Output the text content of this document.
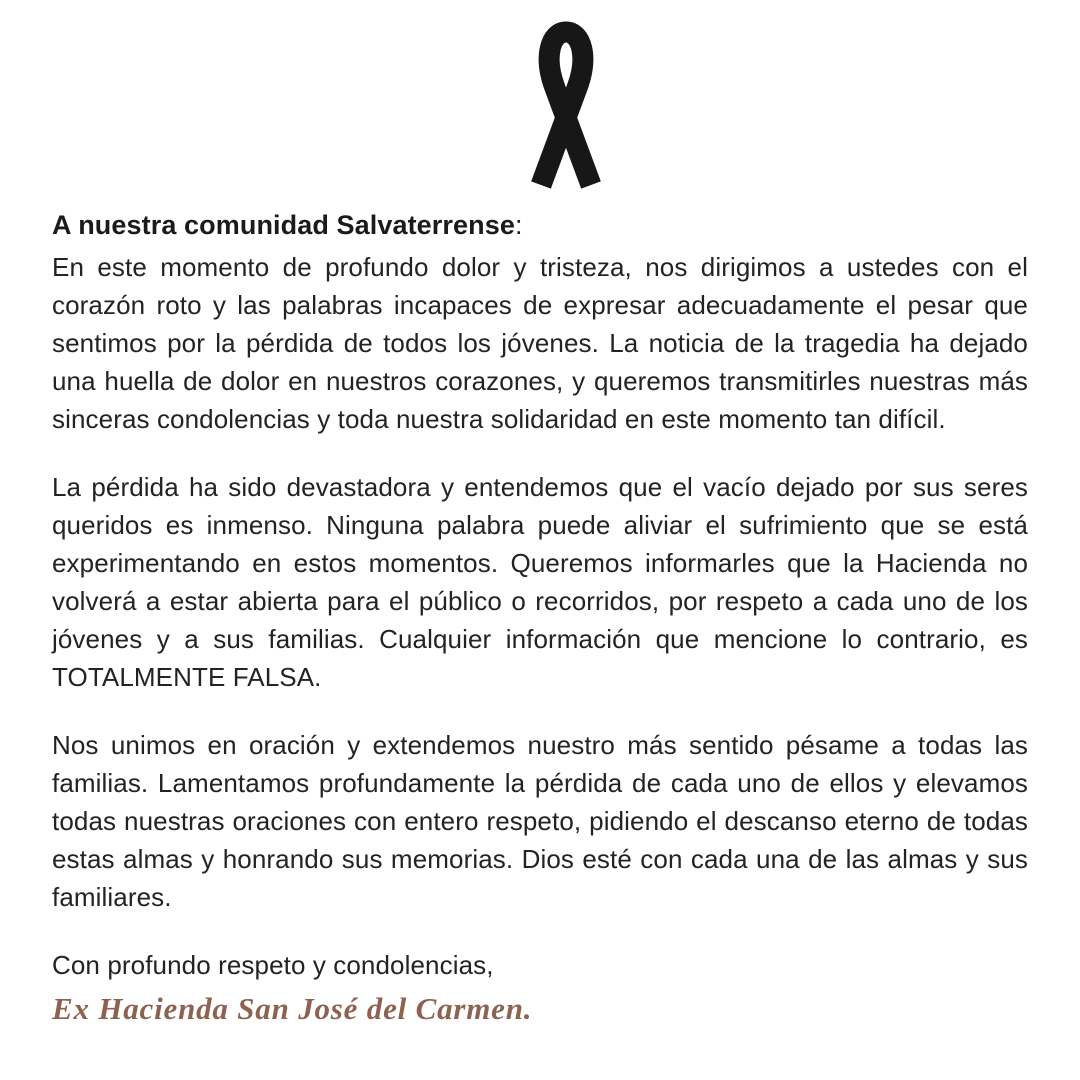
A nuestra comunidad Salvaterrense:

En este momento de profundo dolor y tristeza, nos dirigimos a ustedes con el corazón roto y las palabras incapaces de expresar adecuadamente el pesar que sentimos por la pérdida de todos los jóvenes. La noticia de la tragedia ha dejado una huella de dolor en nuestros corazones, y queremos transmitirles nuestras más sinceras condolencias y toda nuestra solidaridad en este momento tan difícil.

La pérdida ha sido devastadora y entendemos que el vacío dejado por sus seres queridos es inmenso. Ninguna palabra puede aliviar el sufrimiento que se está experimentando en estos momentos. Queremos informarles que la Hacienda no volverá a estar abierta para el público o recorridos, por respeto a cada uno de los jóvenes y a sus familias. Cualquier información que mencione lo contrario, es TOTALMENTE FALSA.

Nos unimos en oración y extendemos nuestro más sentido pésame a todas las familias. Lamentamos profundamente la pérdida de cada uno de ellos y elevamos todas nuestras oraciones con entero respeto, pidiendo el descanso eterno de todas estas almas y honrando sus memorias. Dios esté con cada una de las almas y sus familiares.

Con profundo respeto y condolencias,

Ex Hacienda San José del Carmen.
